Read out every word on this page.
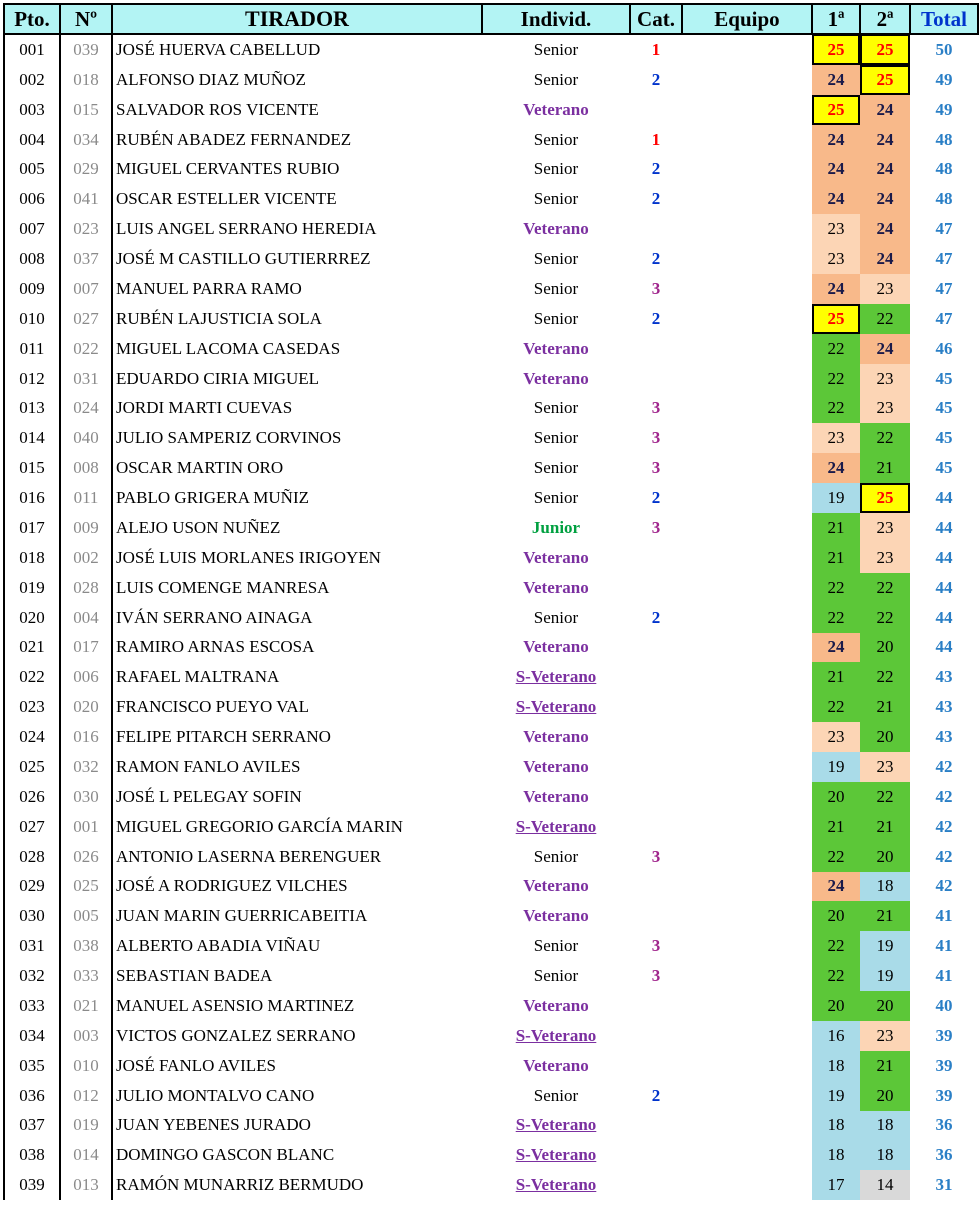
Pto.	Nº	TIRADOR	Individ.	Cat.	Equipo	1ª	2ª	Total
001	039	JOSÉ HUERVA CABELLUD	Senior	1		25	25	50
002	018	ALFONSO DIAZ MUÑOZ	Senior	2		24	25	49
003	015	SALVADOR ROS VICENTE	Veterano			25	24	49
004	034	RUBÉN ABADEZ FERNANDEZ	Senior	1		24	24	48
005	029	MIGUEL CERVANTES RUBIO	Senior	2		24	24	48
006	041	OSCAR ESTELLER VICENTE	Senior	2		24	24	48
007	023	LUIS ANGEL SERRANO HEREDIA	Veterano			23	24	47
008	037	JOSÉ M CASTILLO GUTIERRREZ	Senior	2		23	24	47
009	007	MANUEL PARRA RAMO	Senior	3		24	23	47
010	027	RUBÉN LAJUSTICIA SOLA	Senior	2		25	22	47
011	022	MIGUEL LACOMA CASEDAS	Veterano			22	24	46
012	031	EDUARDO CIRIA MIGUEL	Veterano			22	23	45
013	024	JORDI MARTI CUEVAS	Senior	3		22	23	45
014	040	JULIO SAMPERIZ CORVINOS	Senior	3		23	22	45
015	008	OSCAR MARTIN ORO	Senior	3		24	21	45
016	011	PABLO GRIGERA MUÑIZ	Senior	2		19	25	44
017	009	ALEJO USON NUÑEZ	Junior	3		21	23	44
018	002	JOSÉ LUIS MORLANES IRIGOYEN	Veterano			21	23	44
019	028	LUIS COMENGE MANRESA	Veterano			22	22	44
020	004	IVÁN SERRANO AINAGA	Senior	2		22	22	44
021	017	RAMIRO ARNAS ESCOSA	Veterano			24	20	44
022	006	RAFAEL MALTRANA	S-Veterano			21	22	43
023	020	FRANCISCO PUEYO VAL	S-Veterano			22	21	43
024	016	FELIPE PITARCH SERRANO	Veterano			23	20	43
025	032	RAMON FANLO AVILES	Veterano			19	23	42
026	030	JOSÉ L PELEGAY SOFIN	Veterano			20	22	42
027	001	MIGUEL GREGORIO GARCÍA MARIN	S-Veterano			21	21	42
028	026	ANTONIO LASERNA BERENGUER	Senior	3		22	20	42
029	025	JOSÉ A RODRIGUEZ VILCHES	Veterano			24	18	42
030	005	JUAN MARIN GUERRICABEITIA	Veterano			20	21	41
031	038	ALBERTO ABADIA VIÑAU	Senior	3		22	19	41
032	033	SEBASTIAN BADEA	Senior	3		22	19	41
033	021	MANUEL ASENSIO MARTINEZ	Veterano			20	20	40
034	003	VICTOS GONZALEZ SERRANO	S-Veterano			16	23	39
035	010	JOSÉ FANLO AVILES	Veterano			18	21	39
036	012	JULIO MONTALVO CANO	Senior	2		19	20	39
037	019	JUAN YEBENES JURADO	S-Veterano			18	18	36
038	014	DOMINGO GASCON BLANC	S-Veterano			18	18	36
039	013	RAMÓN MUNARRIZ BERMUDO	S-Veterano			17	14	31
